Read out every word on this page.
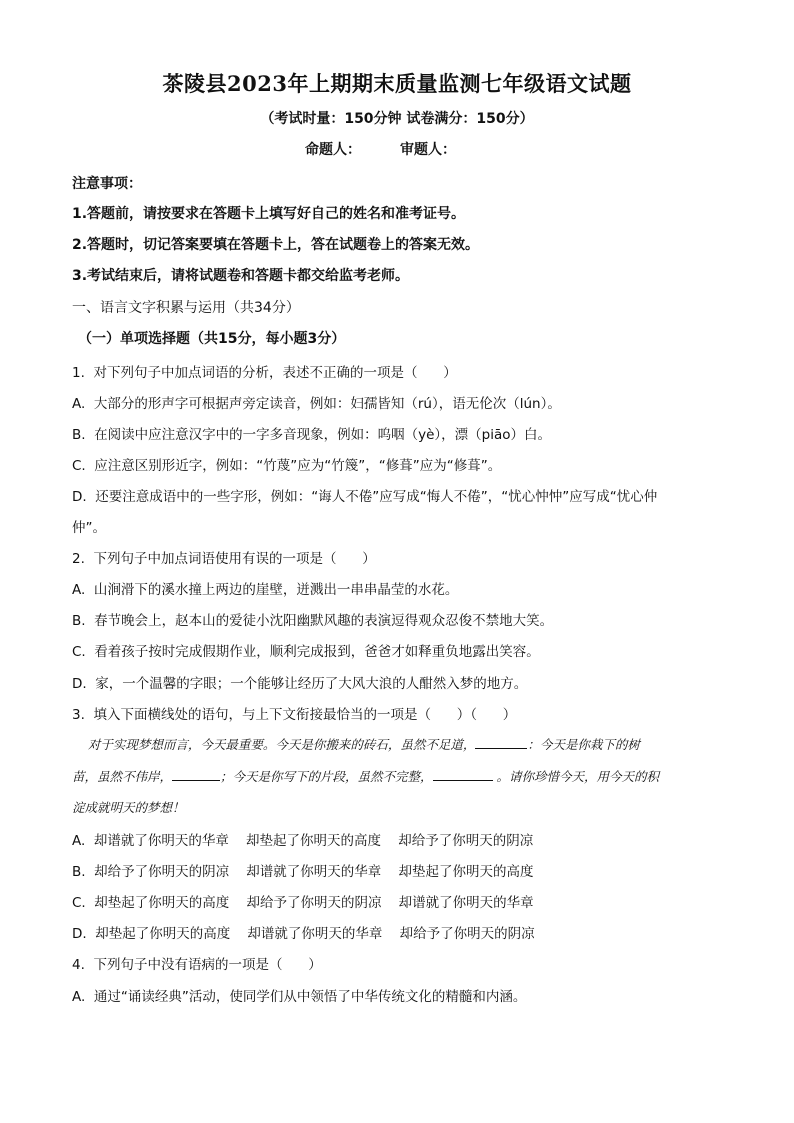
茶陵县2023年上期期末质量监测七年级语文试题
（考试时量：150分钟 试卷满分：150分）
命题人：        审题人：
注意事项：
1.答题前，请按要求在答题卡上填写好自己的姓名和准考证号。
2.答题时，切记答案要填在答题卡上，答在试题卷上的答案无效。
3.考试结束后，请将试题卷和答题卡都交给监考老师。
一、语言文字积累与运用（共34分）
（一）单项选择题（共15分，每小题3分）
1.  对下列句子中加点词语的分析，表述不正确的一项是（      ）
A.  大部分的形声字可根据声旁定读音，例如：妇孺皆知（rú），语无伦次（lún）。
B.  在阅读中应注意汉字中的一字多音现象，例如：呜咽（yè），漂（piāo）白。
C.  应注意区别形近字，例如：“竹蔑”应为“竹篾”，“修葺”应为“修葺”。
D.  还要注意成语中的一些字形，例如：“诲人不倦”应写成“悔人不倦”，“忧心忡忡”应写成“忧心仲
仲”。
2.  下列句子中加点词语使用有误的一项是（      ）
A.  山涧滑下的溪水撞上两边的崖壁，迸溅出一串串晶莹的水花。
B.  春节晚会上，赵本山的爱徒小沈阳幽默风趣的表演逗得观众忍俊不禁地大笑。
C.  看着孩子按时完成假期作业，顺利完成报到，爸爸才如释重负地露出笑容。
D.  家，一个温馨的字眼；一个能够让经历了大风大浪的人酣然入梦的地方。
3.  填入下面横线处的语句，与上下文衔接最恰当的一项是（      ）（      ）
对于实现梦想而言，今天最重要。今天是你搬来的砖石，虽然不足道，	：今天是你栽下的树
苗，虽然不伟岸，	；今天是你写下的片段，虽然不完整，	。请你珍惜今天，用今天的积
淀成就明天的梦想！
A.  却谱就了你明天的华章    却垫起了你明天的高度    却给予了你明天的阴凉
B.  却给予了你明天的阴凉    却谱就了你明天的华章    却垫起了你明天的高度
C.  却垫起了你明天的高度    却给予了你明天的阴凉    却谱就了你明天的华章
D.  却垫起了你明天的高度    却谱就了你明天的华章    却给予了你明天的阴凉
4.  下列句子中没有语病的一项是（      ）
A.  通过“诵读经典”活动，使同学们从中领悟了中华传统文化的精髓和内涵。
